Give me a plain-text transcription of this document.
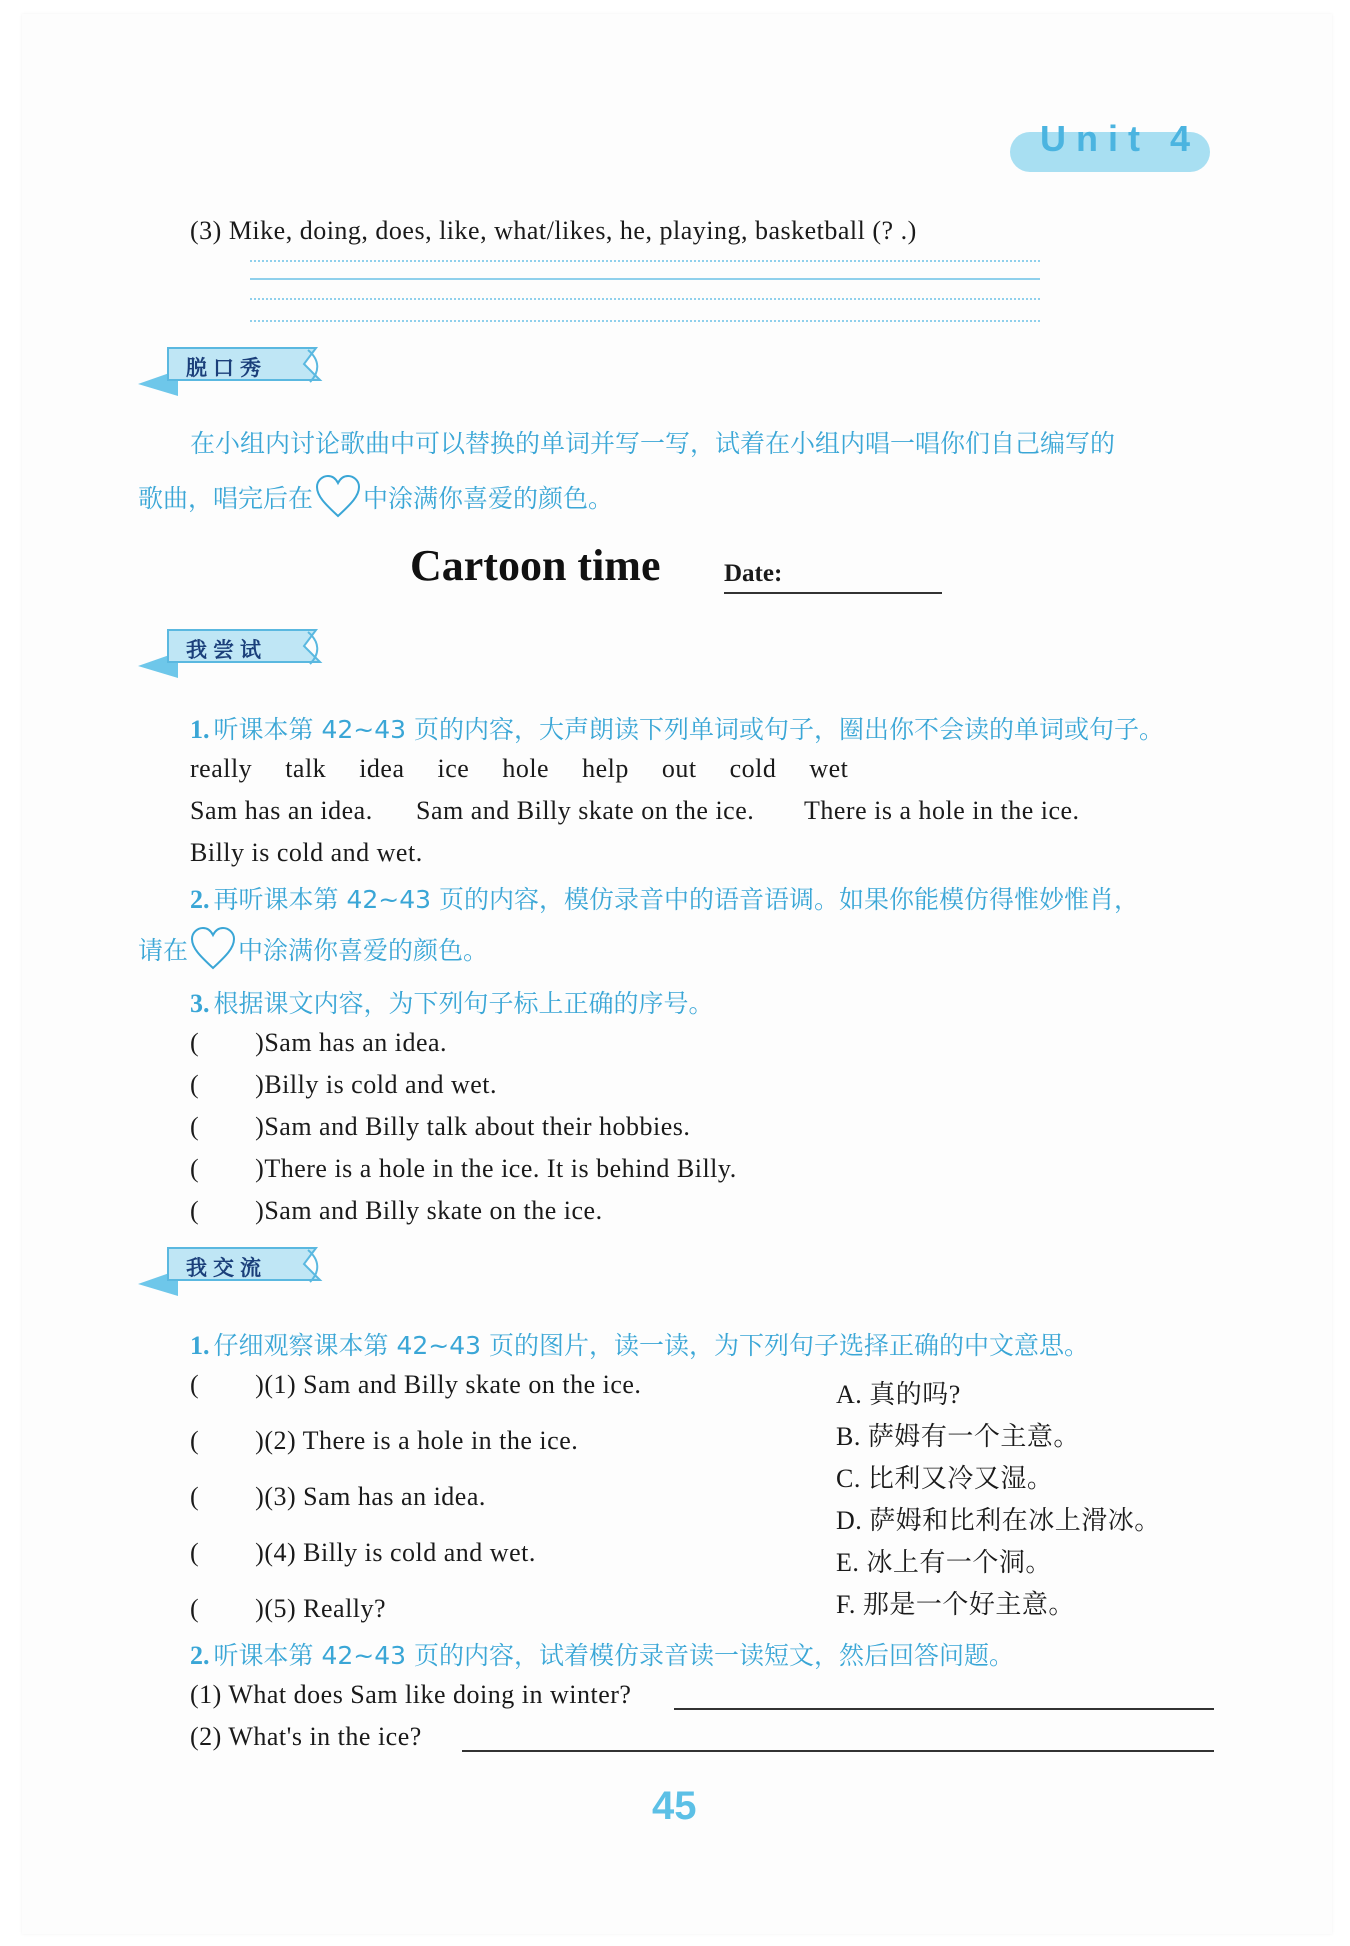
Unit 4
(3) Mike, doing, does, like, what/likes, he, playing, basketball (? .)
脱口秀
在小组内讨论歌曲中可以替换的单词并写一写，试着在小组内唱一唱你们自己编写的
歌曲，唱完后在 中涂满你喜爱的颜色。
Cartoon time	Date:
我尝试
1. 听课本第 42~43 页的内容，大声朗读下列单词或句子，圈出你不会读的单词或句子。
really talk idea ice hole help out cold wet
Sam has an idea. Sam and Billy skate on the ice. There is a hole in the ice.
Billy is cold and wet.
2. 再听课本第 42~43 页的内容，模仿录音中的语音语调。如果你能模仿得惟妙惟肖，
请在 中涂满你喜爱的颜色。
3. 根据课文内容，为下列句子标上正确的序号。
(        )Sam has an idea.
(        )Billy is cold and wet.
(        )Sam and Billy talk about their hobbies.
(        )There is a hole in the ice. It is behind Billy.
(        )Sam and Billy skate on the ice.
我交流
1. 仔细观察课本第 42~43 页的图片，读一读，为下列句子选择正确的中文意思。
(        )(1) Sam and Billy skate on the ice.
(        )(2) There is a hole in the ice.
(        )(3) Sam has an idea.
(        )(4) Billy is cold and wet.
(        )(5) Really?
A. 真的吗?
B. 萨姆有一个主意。
C. 比利又冷又湿。
D. 萨姆和比利在冰上滑冰。
E. 冰上有一个洞。
F. 那是一个好主意。
2. 听课本第 42~43 页的内容，试着模仿录音读一读短文，然后回答问题。
(1) What does Sam like doing in winter?
(2) What's in the ice?
45
